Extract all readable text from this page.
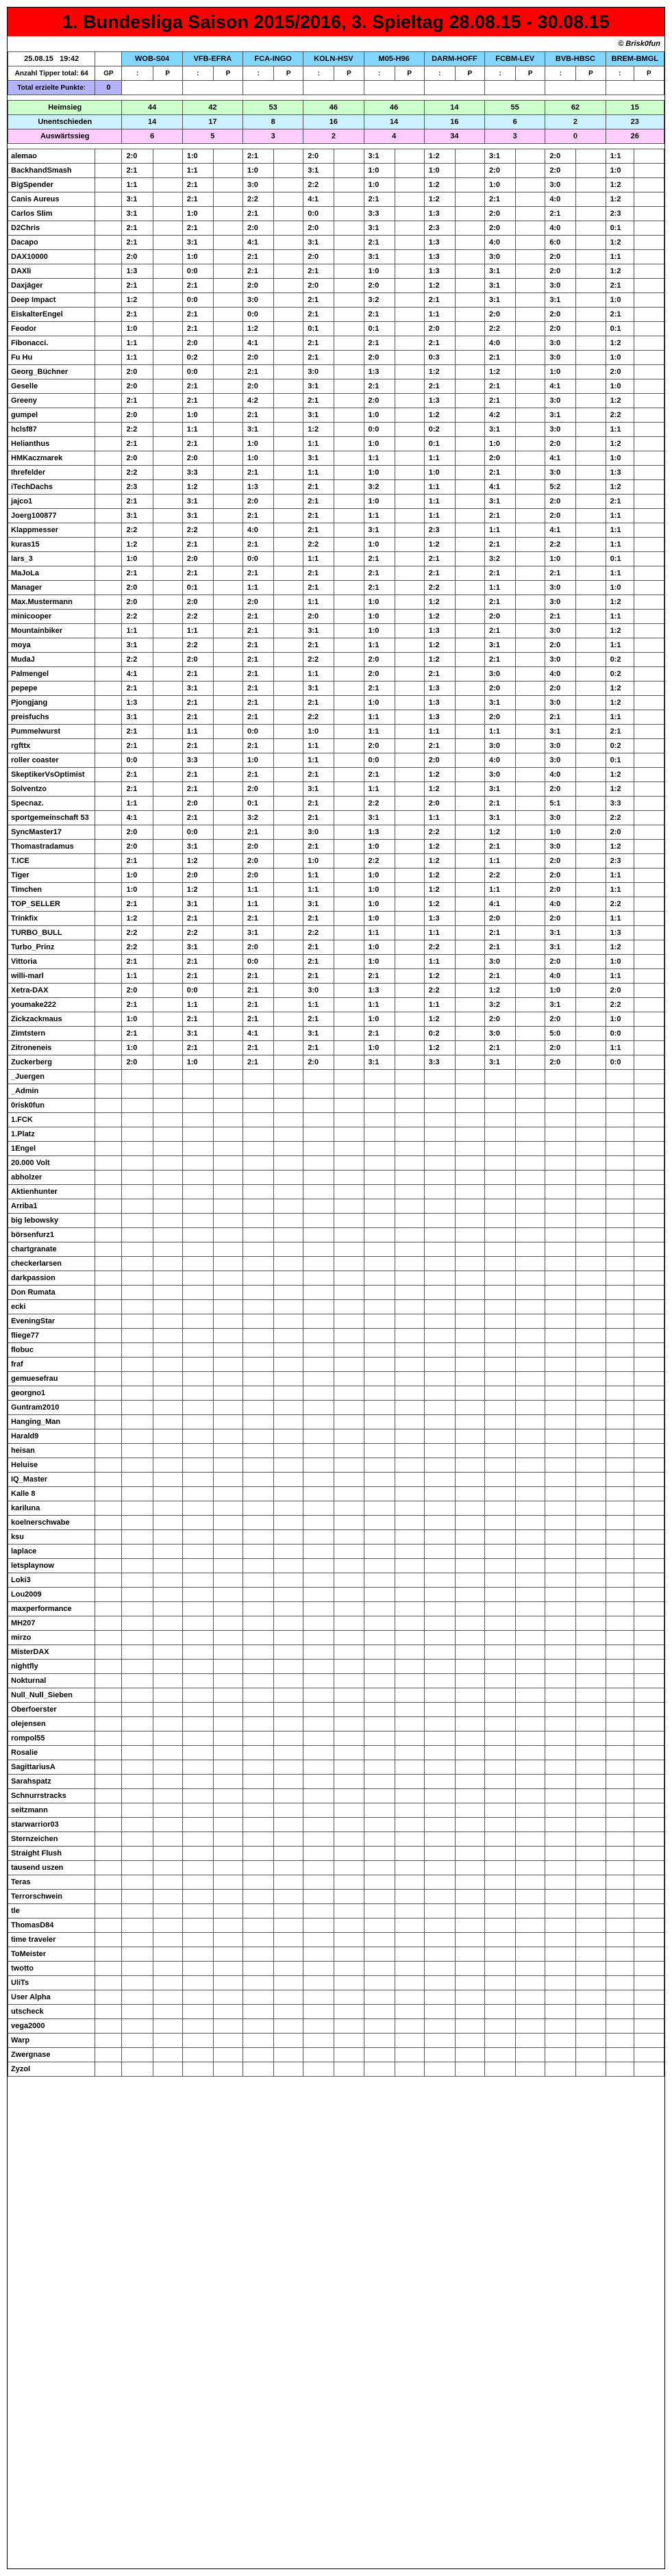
1. Bundesliga Saison 2015/2016, 3. Spieltag 28.08.15 - 30.08.15
© Brisk0fun
25.08.15 19:42		WOB-S04		VFB-EFRA		FCA-INGO		KOLN-HSV		M05-H96		DARM-HOFF		FCBM-LEV		BVB-HBSC		BREM-BMGL	
Anzahl Tipper total: 64	GP	:	P	:	P	:	P	:	P	:	P	:	P	:	P	:	P	:	P
Total erzielte Punkte:	0																		

Heimsieg		44		42		53		46		46		14		55		62		15	
Unentschieden		14		17		8		16		14		16		6		2		23	
Auswärtssieg		6		5		3		2		4		34		3		0		26	

alemao		2:0		1:0		2:1		2:0		3:1		1:2		3:1		2:0		1:1	
BackhandSmash		2:1		1:1		1:0		3:1		1:0		1:0		2:0		2:0		1:0	
BigSpender		1:1		2:1		3:0		2:2		1:0		1:2		1:0		3:0		1:2	
Canis Aureus		3:1		2:1		2:2		4:1		2:1		1:2		2:1		4:0		1:2	
Carlos Slim		3:1		1:0		2:1		0:0		3:3		1:3		2:0		2:1		2:3	
D2Chris		2:1		2:1		2:0		2:0		3:1		2:3		2:0		4:0		0:1	
Dacapo		2:1		3:1		4:1		3:1		2:1		1:3		4:0		6:0		1:2	
DAX10000		2:0		1:0		2:1		2:0		3:1		1:3		3:0		2:0		1:1	
DAXli		1:3		0:0		2:1		2:1		1:0		1:3		3:1		2:0		1:2	
Daxjäger		2:1		2:1		2:0		2:0		2:0		1:2		3:1		3:0		2:1	
Deep Impact		1:2		0:0		3:0		2:1		3:2		2:1		3:1		3:1		1:0	
EiskalterEngel		2:1		2:1		0:0		2:1		2:1		1:1		2:0		2:0		2:1	
Feodor		1:0		2:1		1:2		0:1		0:1		2:0		2:2		2:0		0:1	
Fibonacci.		1:1		2:0		4:1		2:1		2:1		2:1		4:0		3:0		1:2	
Fu Hu		1:1		0:2		2:0		2:1		2:0		0:3		2:1		3:0		1:0	
Georg_Büchner		2:0		0:0		2:1		3:0		1:3		1:2		1:2		1:0		2:0	
Geselle		2:0		2:1		2:0		3:1		2:1		2:1		2:1		4:1		1:0	
Greeny		2:1		2:1		4:2		2:1		2:0		1:3		2:1		3:0		1:2	
gumpel		2:0		1:0		2:1		3:1		1:0		1:2		4:2		3:1		2:2	
hclsf87		2:2		1:1		3:1		1:2		0:0		0:2		3:1		3:0		1:1	
Helianthus		2:1		2:1		1:0		1:1		1:0		0:1		1:0		2:0		1:2	
HMKaczmarek		2:0		2:0		1:0		3:1		1:1		1:1		2:0		4:1		1:0	
Ihrefelder		2:2		3:3		2:1		1:1		1:0		1:0		2:1		3:0		1:3	
iTechDachs		2:3		1:2		1:3		2:1		3:2		1:1		4:1		5:2		1:2	
jajco1		2:1		3:1		2:0		2:1		1:0		1:1		3:1		2:0		2:1	
Joerg100877		3:1		3:1		2:1		2:1		1:1		1:1		2:1		2:0		1:1	
Klappmesser		2:2		2:2		4:0		2:1		3:1		2:3		1:1		4:1		1:1	
kuras15		1:2		2:1		2:1		2:2		1:0		1:2		2:1		2:2		1:1	
lars_3		1:0		2:0		0:0		1:1		2:1		2:1		3:2		1:0		0:1	
MaJoLa		2:1		2:1		2:1		2:1		2:1		2:1		2:1		2:1		1:1	
Manager		2:0		0:1		1:1		2:1		2:1		2:2		1:1		3:0		1:0	
Max.Mustermann		2:0		2:0		2:0		1:1		1:0		1:2		2:1		3:0		1:2	
minicooper		2:2		2:2		2:1		2:0		1:0		1:2		2:0		2:1		1:1	
Mountainbiker		1:1		1:1		2:1		3:1		1:0		1:3		2:1		3:0		1:2	
moya		3:1		2:2		2:1		2:1		1:1		1:2		3:1		2:0		1:1	
MudaJ		2:2		2:0		2:1		2:2		2:0		1:2		2:1		3:0		0:2	
Palmengel		4:1		2:1		2:1		1:1		2:0		2:1		3:0		4:0		0:2	
pepepe		2:1		3:1		2:1		3:1		2:1		1:3		2:0		2:0		1:2	
Pjongjang		1:3		2:1		2:1		2:1		1:0		1:3		3:1		3:0		1:2	
preisfuchs		3:1		2:1		2:1		2:2		1:1		1:3		2:0		2:1		1:1	
Pummelwurst		2:1		1:1		0:0		1:0		1:1		1:1		1:1		3:1		2:1	
rgfttx		2:1		2:1		2:1		1:1		2:0		2:1		3:0		3:0		0:2	
roller coaster		0:0		3:3		1:0		1:1		0:0		2:0		4:0		3:0		0:1	
SkeptikerVsOptimist		2:1		2:1		2:1		2:1		2:1		1:2		3:0		4:0		1:2	
Solventzo		2:1		2:1		2:0		3:1		1:1		1:2		3:1		2:0		1:2	
Specnaz.		1:1		2:0		0:1		2:1		2:2		2:0		2:1		5:1		3:3	
sportgemeinschaft 53		4:1		2:1		3:2		2:1		3:1		1:1		3:1		3:0		2:2	
SyncMaster17		2:0		0:0		2:1		3:0		1:3		2:2		1:2		1:0		2:0	
Thomastradamus		2:0		3:1		2:0		2:1		1:0		1:2		2:1		3:0		1:2	
T.ICE		2:1		1:2		2:0		1:0		2:2		1:2		1:1		2:0		2:3	
Tiger		1:0		2:0		2:0		1:1		1:0		1:2		2:2		2:0		1:1	
Timchen		1:0		1:2		1:1		1:1		1:0		1:2		1:1		2:0		1:1	
TOP_SELLER		2:1		3:1		1:1		3:1		1:0		1:2		4:1		4:0		2:2	
Trinkfix		1:2		2:1		2:1		2:1		1:0		1:3		2:0		2:0		1:1	
TURBO_BULL		2:2		2:2		3:1		2:2		1:1		1:1		2:1		3:1		1:3	
Turbo_Prinz		2:2		3:1		2:0		2:1		1:0		2:2		2:1		3:1		1:2	
Vittoria		2:1		2:1		0:0		2:1		1:0		1:1		3:0		2:0		1:0	
willi-marl		1:1		2:1		2:1		2:1		2:1		1:2		2:1		4:0		1:1	
Xetra-DAX		2:0		0:0		2:1		3:0		1:3		2:2		1:2		1:0		2:0	
youmake222		2:1		1:1		2:1		1:1		1:1		1:1		3:2		3:1		2:2	
Zickzackmaus		1:0		2:1		2:1		2:1		1:0		1:2		2:0		2:0		1:0	
Zimtstern		2:1		3:1		4:1		3:1		2:1		0:2		3:0		5:0		0:0	
Zitroneneis		1:0		2:1		2:1		2:1		1:0		1:2		2:1		2:0		1:1	
Zuckerberg		2:0		1:0		2:1		2:0		3:1		3:3		3:1		2:0		0:0	
_Juergen																			
_Admin																			
0risk0fun																			
1.FCK																			
1.Platz																			
1Engel																			
20.000 Volt																			
abholzer																			
Aktienhunter																			
Arriba1																			
big lebowsky																			
börsenfurz1																			
chartgranate																			
checkerlarsen																			
darkpassion																			
Don Rumata																			
ecki																			
EveningStar																			
fliege77																			
flobuc																			
fraf																			
gemuesefrau																			
georgno1																			
Guntram2010																			
Hanging_Man																			
Harald9																			
heisan																			
Heluise																			
IQ_Master																			
Kalle 8																			
kariluna																			
koelnerschwabe																			
ksu																			
laplace																			
letsplaynow																			
Loki3																			
Lou2009																			
maxperformance																			
MH207																			
mirzo																			
MisterDAX																			
nightfly																			
Nokturnal																			
Null_Null_Sieben																			
Oberfoerster																			
olejensen																			
rompol55																			
Rosalie																			
SagittariusA																			
Sarahspatz																			
Schnurrstracks																			
seitzmann																			
starwarrior03																			
Sternzeichen																			
Straight Flush																			
tausend uszen																			
Teras																			
Terrorschwein																			
tle																			
ThomasD84																			
time traveler																			
ToMeister																			
twotto																			
UliTs																			
User Alpha																			
utscheck																			
vega2000																			
Warp																			
Zwergnase																			
Zyzol																			
